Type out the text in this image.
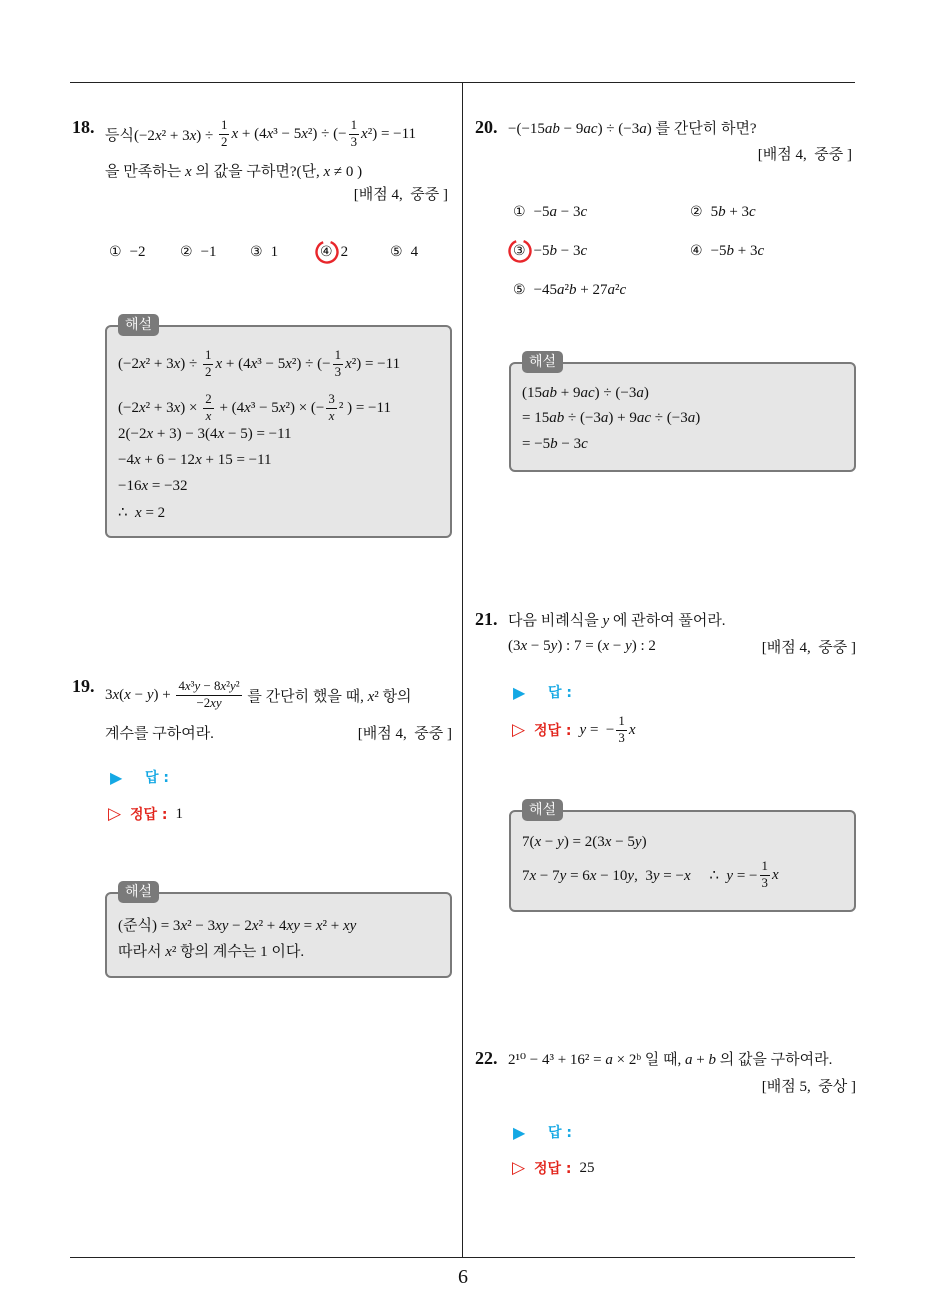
18. 등식$(-2x^2 + 3x) \div \frac{1}{2}$ x + (4x³ − 5x²) ÷ (− $\frac{1}{3} x^2) = -11$
을 만족하는 x 의 값을 구하면?(단, x ≠ 0 )
[배점 4,  중중 ]
① −2 ② −1 ③ 1	④ 2	⑤ 4
해설
$(-2x^2 + 3x) \div \frac{1}{2}$ x + (4x³ − 5x²) ÷ (− $\frac{1}{3} x^2) = -11$
$(-2x^2 + 3x) \times \frac{2}{x} + (4x^3 - 5x^2)$ × (− $\frac{3}{x} ^2$ ) = −11
2(−2x + 3) − 3(4x − 5) = −11
−4x + 6 − 12x + 15 = −11
−16x = −32
∴  x = 2
19. $3x(x - y) + \frac{\text{4x³y − 8x²y²}}{-2xy}$ 를 간단히 했을 때, x² 항의
계수를 구하여라.	[배점 4,  중중 ]
▶	답 :
▷ 정답 : 1
해설
(준식) = 3x² − 3xy − 2x² + 4xy = x² + xy
따라서 x² 항의 계수는 1 이다.
20. −(−15ab − 9ac) ÷ (−3a) 를 간단히 하면?
[배점 4,  중중 ]
① −5a − 3c	② 5b + 3c
③ −5b − 3c	④ −5b + 3c
⑤ −45a²b + 27a²c
해설
(15ab + 9ac) ÷ (−3a)
= 15ab ÷ (−3a) + 9ac ÷ (−3a)
= −5b − 3c
21. 다음 비례식을 y 에 관하여 풀어라.
(3x − 5y) : 7 = (x − y) : 2	[배점 4,  중중 ]
▶	답 :
▷ 정답 : y =  − $\frac{1}{3}$ x
해설
7(x − y) = 2(3x − 5y)
7x − 7y = 6x − 10y,  3y = −x     ∴  y = − $\frac{1}{3}$ x
22. 2¹⁰ − 4³ + 16² = a × 2ᵇ 일 때, a + b 의 값을 구하여라.
[배점 5,  중상 ]
▶	답 :
▷ 정답 : 25
6
